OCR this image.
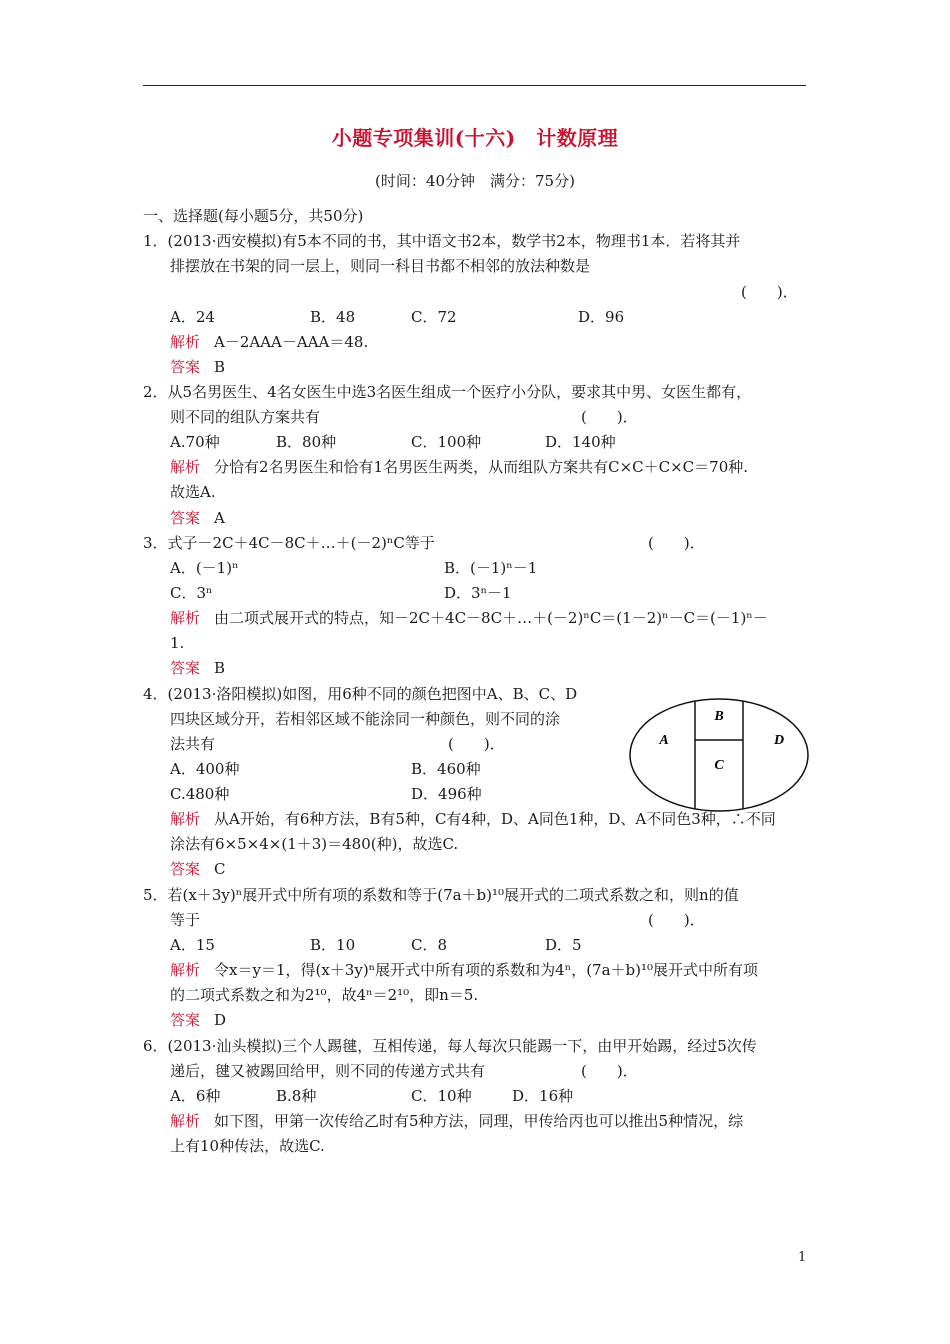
小题专项集训(十六)　计数原理
(时间：40分钟　满分：75分)
一、选择题(每小题5分，共50分)
1．(2013·西安模拟)有5本不同的书，其中语文书2本，数学书2本，物理书1本．若将其并
排摆放在书架的同一层上，则同一科目书都不相邻的放法种数是
(　　)．
A．24	B．48	C．72	D．96
解析 A－2AAA－AAA＝48.
答案 B
2．从5名男医生、4名女医生中选3名医生组成一个医疗小分队，要求其中男、女医生都有，
则不同的组队方案共有	(　　)．
A.70种	B．80种	C．100种	D．140种
解析 分恰有2名男医生和恰有1名男医生两类，从而组队方案共有C×C＋C×C＝70种.
故选A.
答案 A
3．式子－2C＋4C－8C＋…＋(－2)ⁿC等于	(　　)．
A．(－1)ⁿ	B．(－1)ⁿ－1
C．3ⁿ	D．3ⁿ－1
解析 由二项式展开式的特点，知－2C＋4C－8C＋…＋(－2)ⁿC＝(1－2)ⁿ－C＝(－1)ⁿ－
1.
答案 B
4．(2013·洛阳模拟)如图，用6种不同的颜色把图中A、B、C、D
四块区域分开，若相邻区域不能涂同一种颜色，则不同的涂
法共有	(　　)．
A．400种	B．460种
C.480种	D．496种
解析 从A开始，有6种方法，B有5种，C有4种，D、A同色1种，D、A不同色3种，∴不同
涂法有6×5×4×(1＋3)＝480(种)，故选C.
答案 C
A
B
C
D
5．若(x＋3y)ⁿ展开式中所有项的系数和等于(7a＋b)¹⁰展开式的二项式系数之和，则n的值
等于	(　　)．
A．15	B．10	C．8	D．5
解析 令x＝y＝1，得(x＋3y)ⁿ展开式中所有项的系数和为4ⁿ，(7a＋b)¹⁰展开式中所有项
的二项式系数之和为2¹⁰，故4ⁿ＝2¹⁰，即n＝5.
答案 D
6．(2013·汕头模拟)三个人踢毽，互相传递，每人每次只能踢一下，由甲开始踢，经过5次传
递后，毽又被踢回给甲，则不同的传递方式共有	(　　)．
A．6种	B.8种	C．10种	D．16种
解析 如下图，甲第一次传给乙时有5种方法，同理，甲传给丙也可以推出5种情况，综
上有10种传法，故选C.
1
